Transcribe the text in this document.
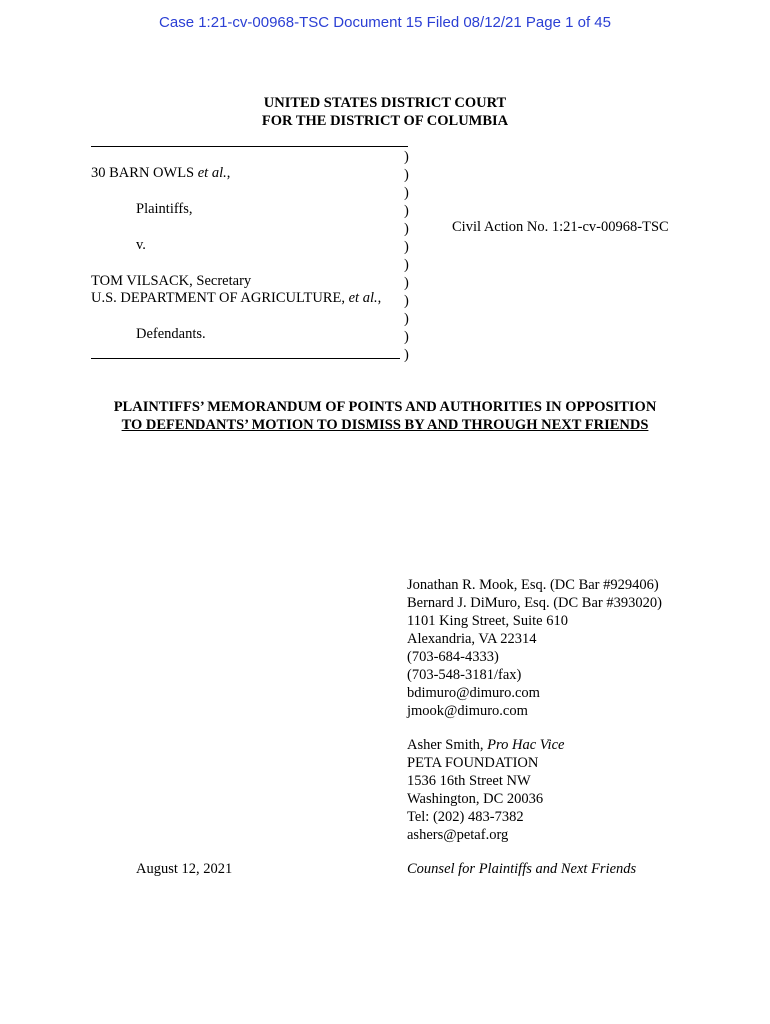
Case 1:21-cv-00968-TSC Document 15 Filed 08/12/21 Page 1 of 45
UNITED STATES DISTRICT COURT
FOR THE DISTRICT OF COLUMBIA
)
)
)
)
)
)
)
)
)
)
)
)
30 BARN OWLS et al.,
Plaintiffs,
v.
TOM VILSACK, Secretary
U.S. DEPARTMENT OF AGRICULTURE, et al.,
Defendants.
Civil Action No. 1:21-cv-00968-TSC
PLAINTIFFS’ MEMORANDUM OF POINTS AND AUTHORITIES IN OPPOSITION
TO DEFENDANTS’ MOTION TO DISMISS BY AND THROUGH NEXT FRIENDS
Jonathan R. Mook, Esq. (DC Bar #929406)
Bernard J. DiMuro, Esq. (DC Bar #393020)
1101 King Street, Suite 610
Alexandria, VA 22314
(703-684-4333)
(703-548-3181/fax)
bdimuro@dimuro.com
jmook@dimuro.com
Asher Smith, Pro Hac Vice
PETA FOUNDATION
1536 16th Street NW
Washington, DC 20036
Tel: (202) 483-7382
ashers@petaf.org
August 12, 2021	Counsel for Plaintiffs and Next Friends
